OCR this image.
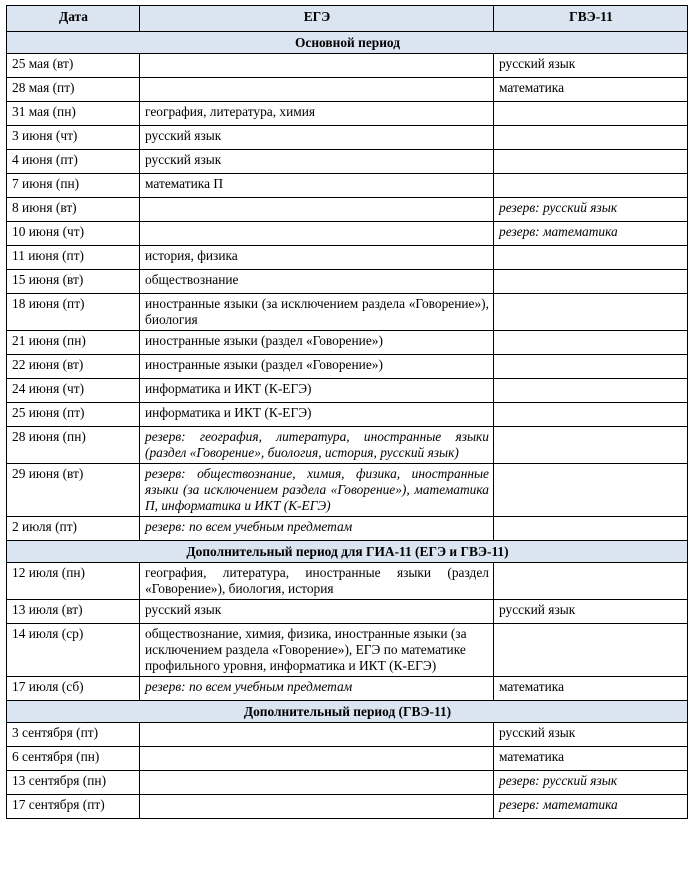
Дата	ЕГЭ	ГВЭ-11
Основной период		
25 мая (вт)		русский язык
28 мая (пт)		математика
31 мая (пн)	география, литература, химия	
3 июня (чт)	русский язык	
4 июня (пт)	русский язык	
7 июня (пн)	математика П	
8 июня (вт)		резерв: русский язык
10 июня (чт)		резерв: математика
11 июня (пт)	история, физика	
15 июня (вт)	обществознание	
18 июня (пт)	иностранные языки (за исключением раздела «Говорение»), биология	
21 июня (пн)	иностранные языки (раздел «Говорение»)	
22 июня (вт)	иностранные языки (раздел «Говорение»)	
24 июня (чт)	информатика и ИКТ (К-ЕГЭ)	
25 июня (пт)	информатика и ИКТ (К-ЕГЭ)	
28 июня (пн)	резерв: география, литература, иностранные языки (раздел «Говорение», биология, история, русский язык)	
29 июня (вт)	резерв: обществознание, химия, физика, иностранные языки (за исключением раздела «Говорение»), математика П, информатика и ИКТ (К-ЕГЭ)	
2 июля (пт)	резерв: по всем учебным предметам	
Дополнительный период для ГИА-11 (ЕГЭ и ГВЭ-11)		
12 июля (пн)	география, литература, иностранные языки (раздел «Говорение»), биология, история	
13 июля (вт)	русский язык	русский язык
14 июля (ср)	обществознание, химия, физика, иностранные языки (за исключением раздела «Говорение»), ЕГЭ по математике профильного уровня, информатика и ИКТ (К-ЕГЭ)	
17 июля (сб)	резерв: по всем учебным предметам	математика
Дополнительный период (ГВЭ-11)		
3 сентября (пт)		русский язык
6 сентября (пн)		математика
13 сентября (пн)		резерв: русский язык
17 сентября (пт)		резерв: математика
